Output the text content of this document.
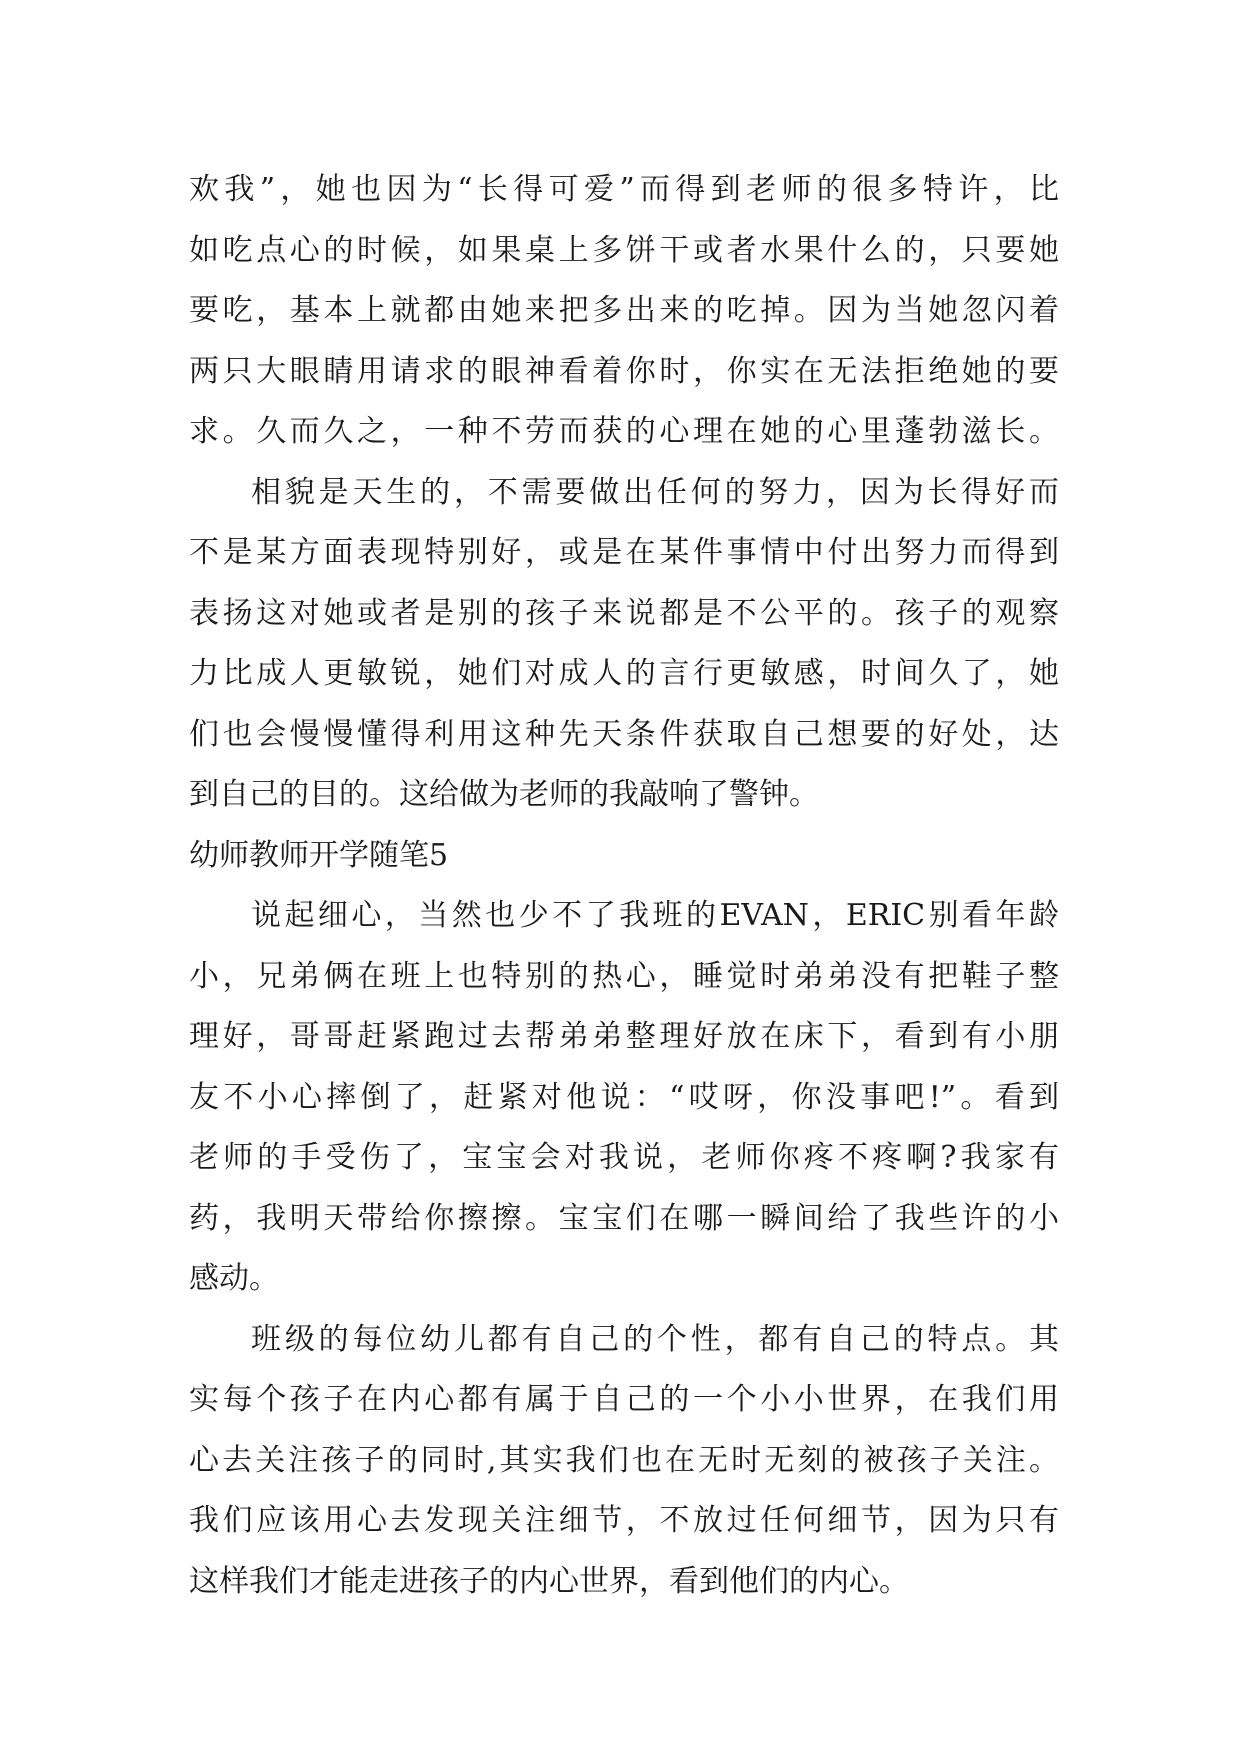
欢我”，她也因为“长得可爱”而得到老师的很多特许，比
如吃点心的时候，如果桌上多饼干或者水果什么的，只要她
要吃，基本上就都由她来把多出来的吃掉。因为当她忽闪着
两只大眼睛用请求的眼神看着你时，你实在无法拒绝她的要
求。久而久之，一种不劳而获的心理在她的心里蓬勃滋长。
相貌是天生的，不需要做出任何的努力，因为长得好而
不是某方面表现特别好，或是在某件事情中付出努力而得到
表扬这对她或者是别的孩子来说都是不公平的。孩子的观察
力比成人更敏锐，她们对成人的言行更敏感，时间久了，她
们也会慢慢懂得利用这种先天条件获取自己想要的好处，达
到自己的目的。这给做为老师的我敲响了警钟。
幼师教师开学随笔5
说起细心，当然也少不了我班的EVAN，ERIC别看年龄
小，兄弟俩在班上也特别的热心，睡觉时弟弟没有把鞋子整
理好，哥哥赶紧跑过去帮弟弟整理好放在床下，看到有小朋
友不小心摔倒了，赶紧对他说：“哎呀，你没事吧!”。看到
老师的手受伤了，宝宝会对我说，老师你疼不疼啊?我家有
药，我明天带给你擦擦。宝宝们在哪一瞬间给了我些许的小
感动。
班级的每位幼儿都有自己的个性，都有自己的特点。其
实每个孩子在内心都有属于自己的一个小小世界，在我们用
心去关注孩子的同时,其实我们也在无时无刻的被孩子关注。
我们应该用心去发现关注细节，不放过任何细节，因为只有
这样我们才能走进孩子的内心世界，看到他们的内心。
